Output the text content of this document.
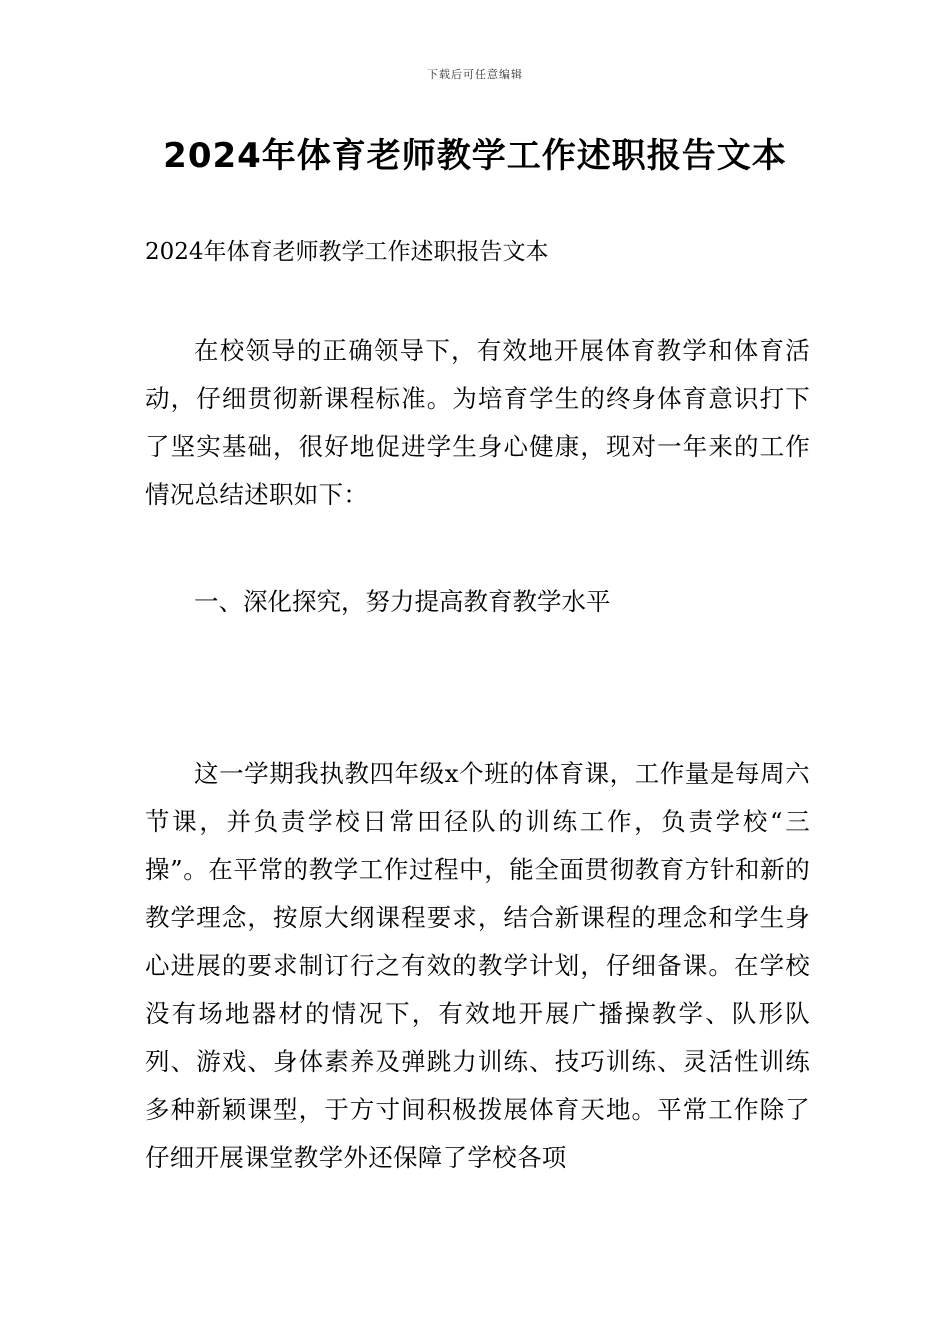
下载后可任意编辑
2024年体育老师教学工作述职报告文本

2024年体育老师教学工作述职报告文本

在校领导的正确领导下，有效地开展体育教学和体育活动，仔细贯彻新课程标准。为培育学生的终身体育意识打下了坚实基础，很好地促进学生身心健康，现对一年来的工作情况总结述职如下：

一、深化探究，努力提高教育教学水平

这一学期我执教四年级x个班的体育课，工作量是每周六节课，并负责学校日常田径队的训练工作，负责学校“三操”。在平常的教学工作过程中，能全面贯彻教育方针和新的教学理念，按原大纲课程要求，结合新课程的理念和学生身心进展的要求制订行之有效的教学计划，仔细备课。在学校没有场地器材的情况下，有效地开展广播操教学、队形队列、游戏、身体素养及弹跳力训练、技巧训练、灵活性训练多种新颖课型，于方寸间积极拨展体育天地。平常工作除了仔细开展课堂教学外还保障了学校各项
